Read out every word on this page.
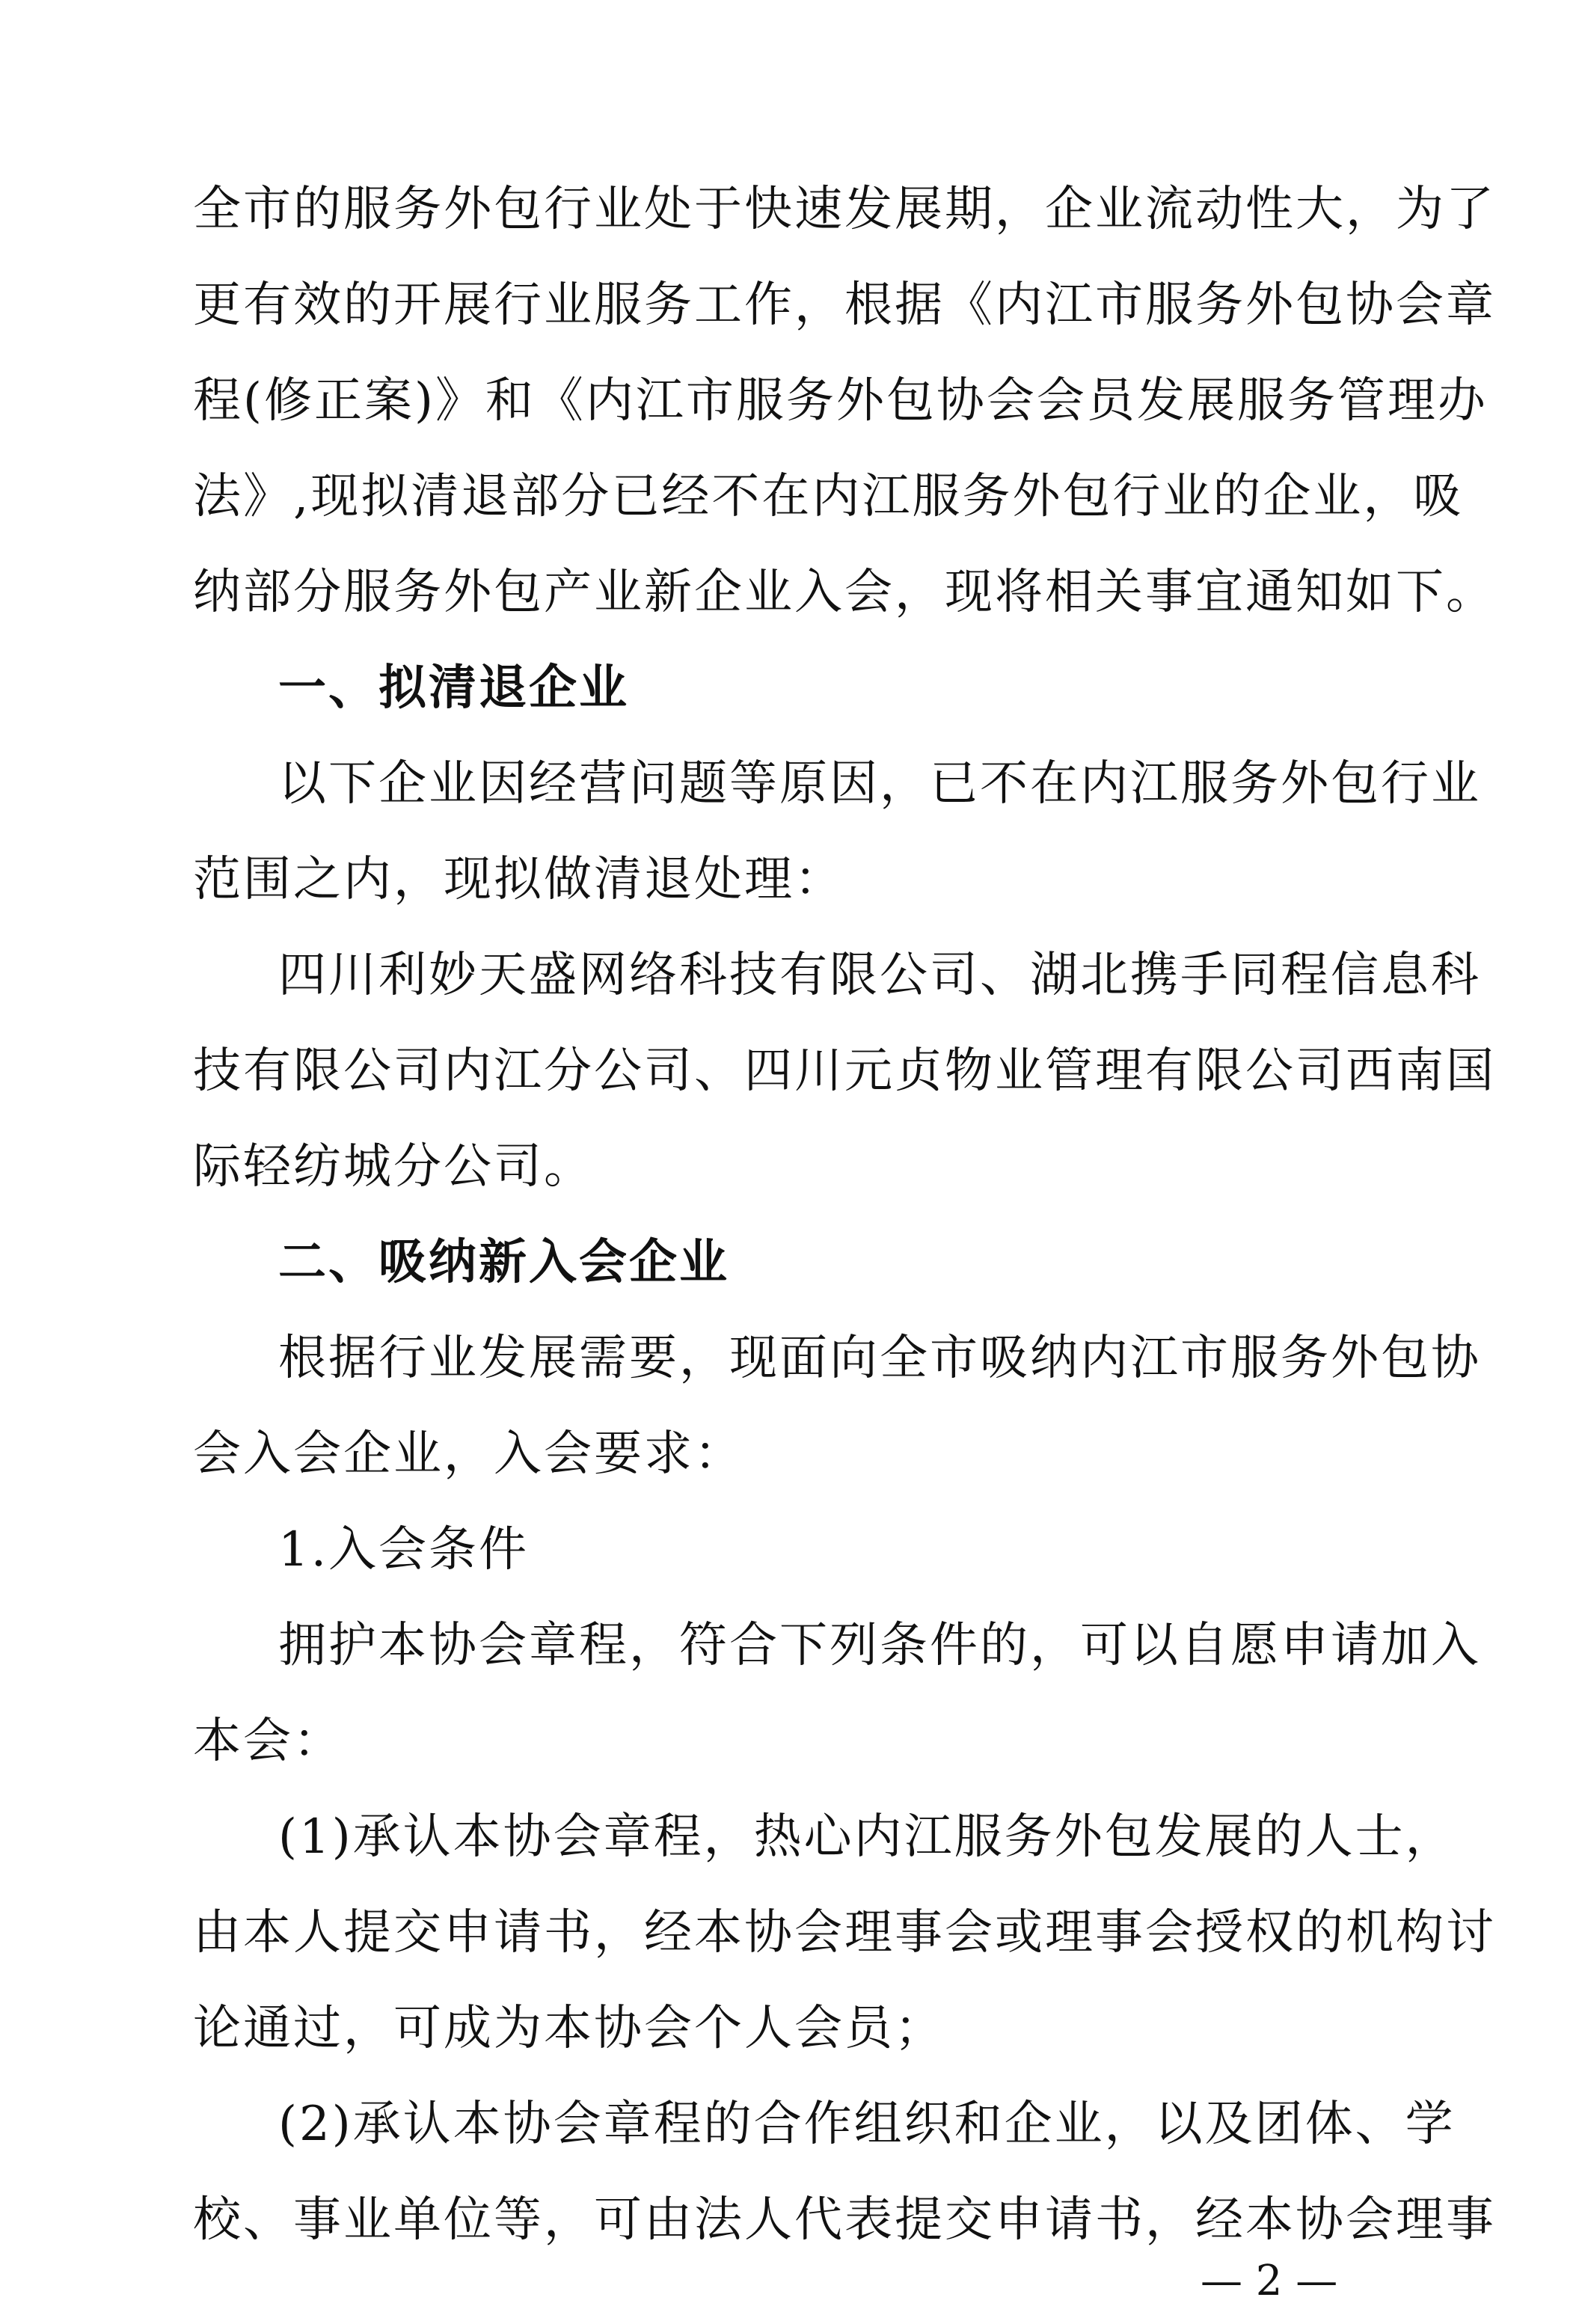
全市的服务外包行业处于快速发展期，企业流动性大，为了
更有效的开展行业服务工作，根据《内江市服务外包协会章
程(修正案)》和《内江市服务外包协会会员发展服务管理办
法》,现拟清退部分已经不在内江服务外包行业的企业，吸
纳部分服务外包产业新企业入会，现将相关事宜通知如下。
一、拟清退企业
以下企业因经营问题等原因，已不在内江服务外包行业
范围之内，现拟做清退处理：
四川利妙天盛网络科技有限公司、湖北携手同程信息科
技有限公司内江分公司、四川元贞物业管理有限公司西南国
际轻纺城分公司。
二、吸纳新入会企业
根据行业发展需要，现面向全市吸纳内江市服务外包协
会入会企业，入会要求：
1.入会条件
拥护本协会章程，符合下列条件的，可以自愿申请加入
本会：
(1)承认本协会章程，热心内江服务外包发展的人士，
由本人提交申请书，经本协会理事会或理事会授权的机构讨
论通过，可成为本协会个人会员；
(2)承认本协会章程的合作组织和企业，以及团体、学
校、事业单位等，可由法人代表提交申请书，经本协会理事
— 2 —
